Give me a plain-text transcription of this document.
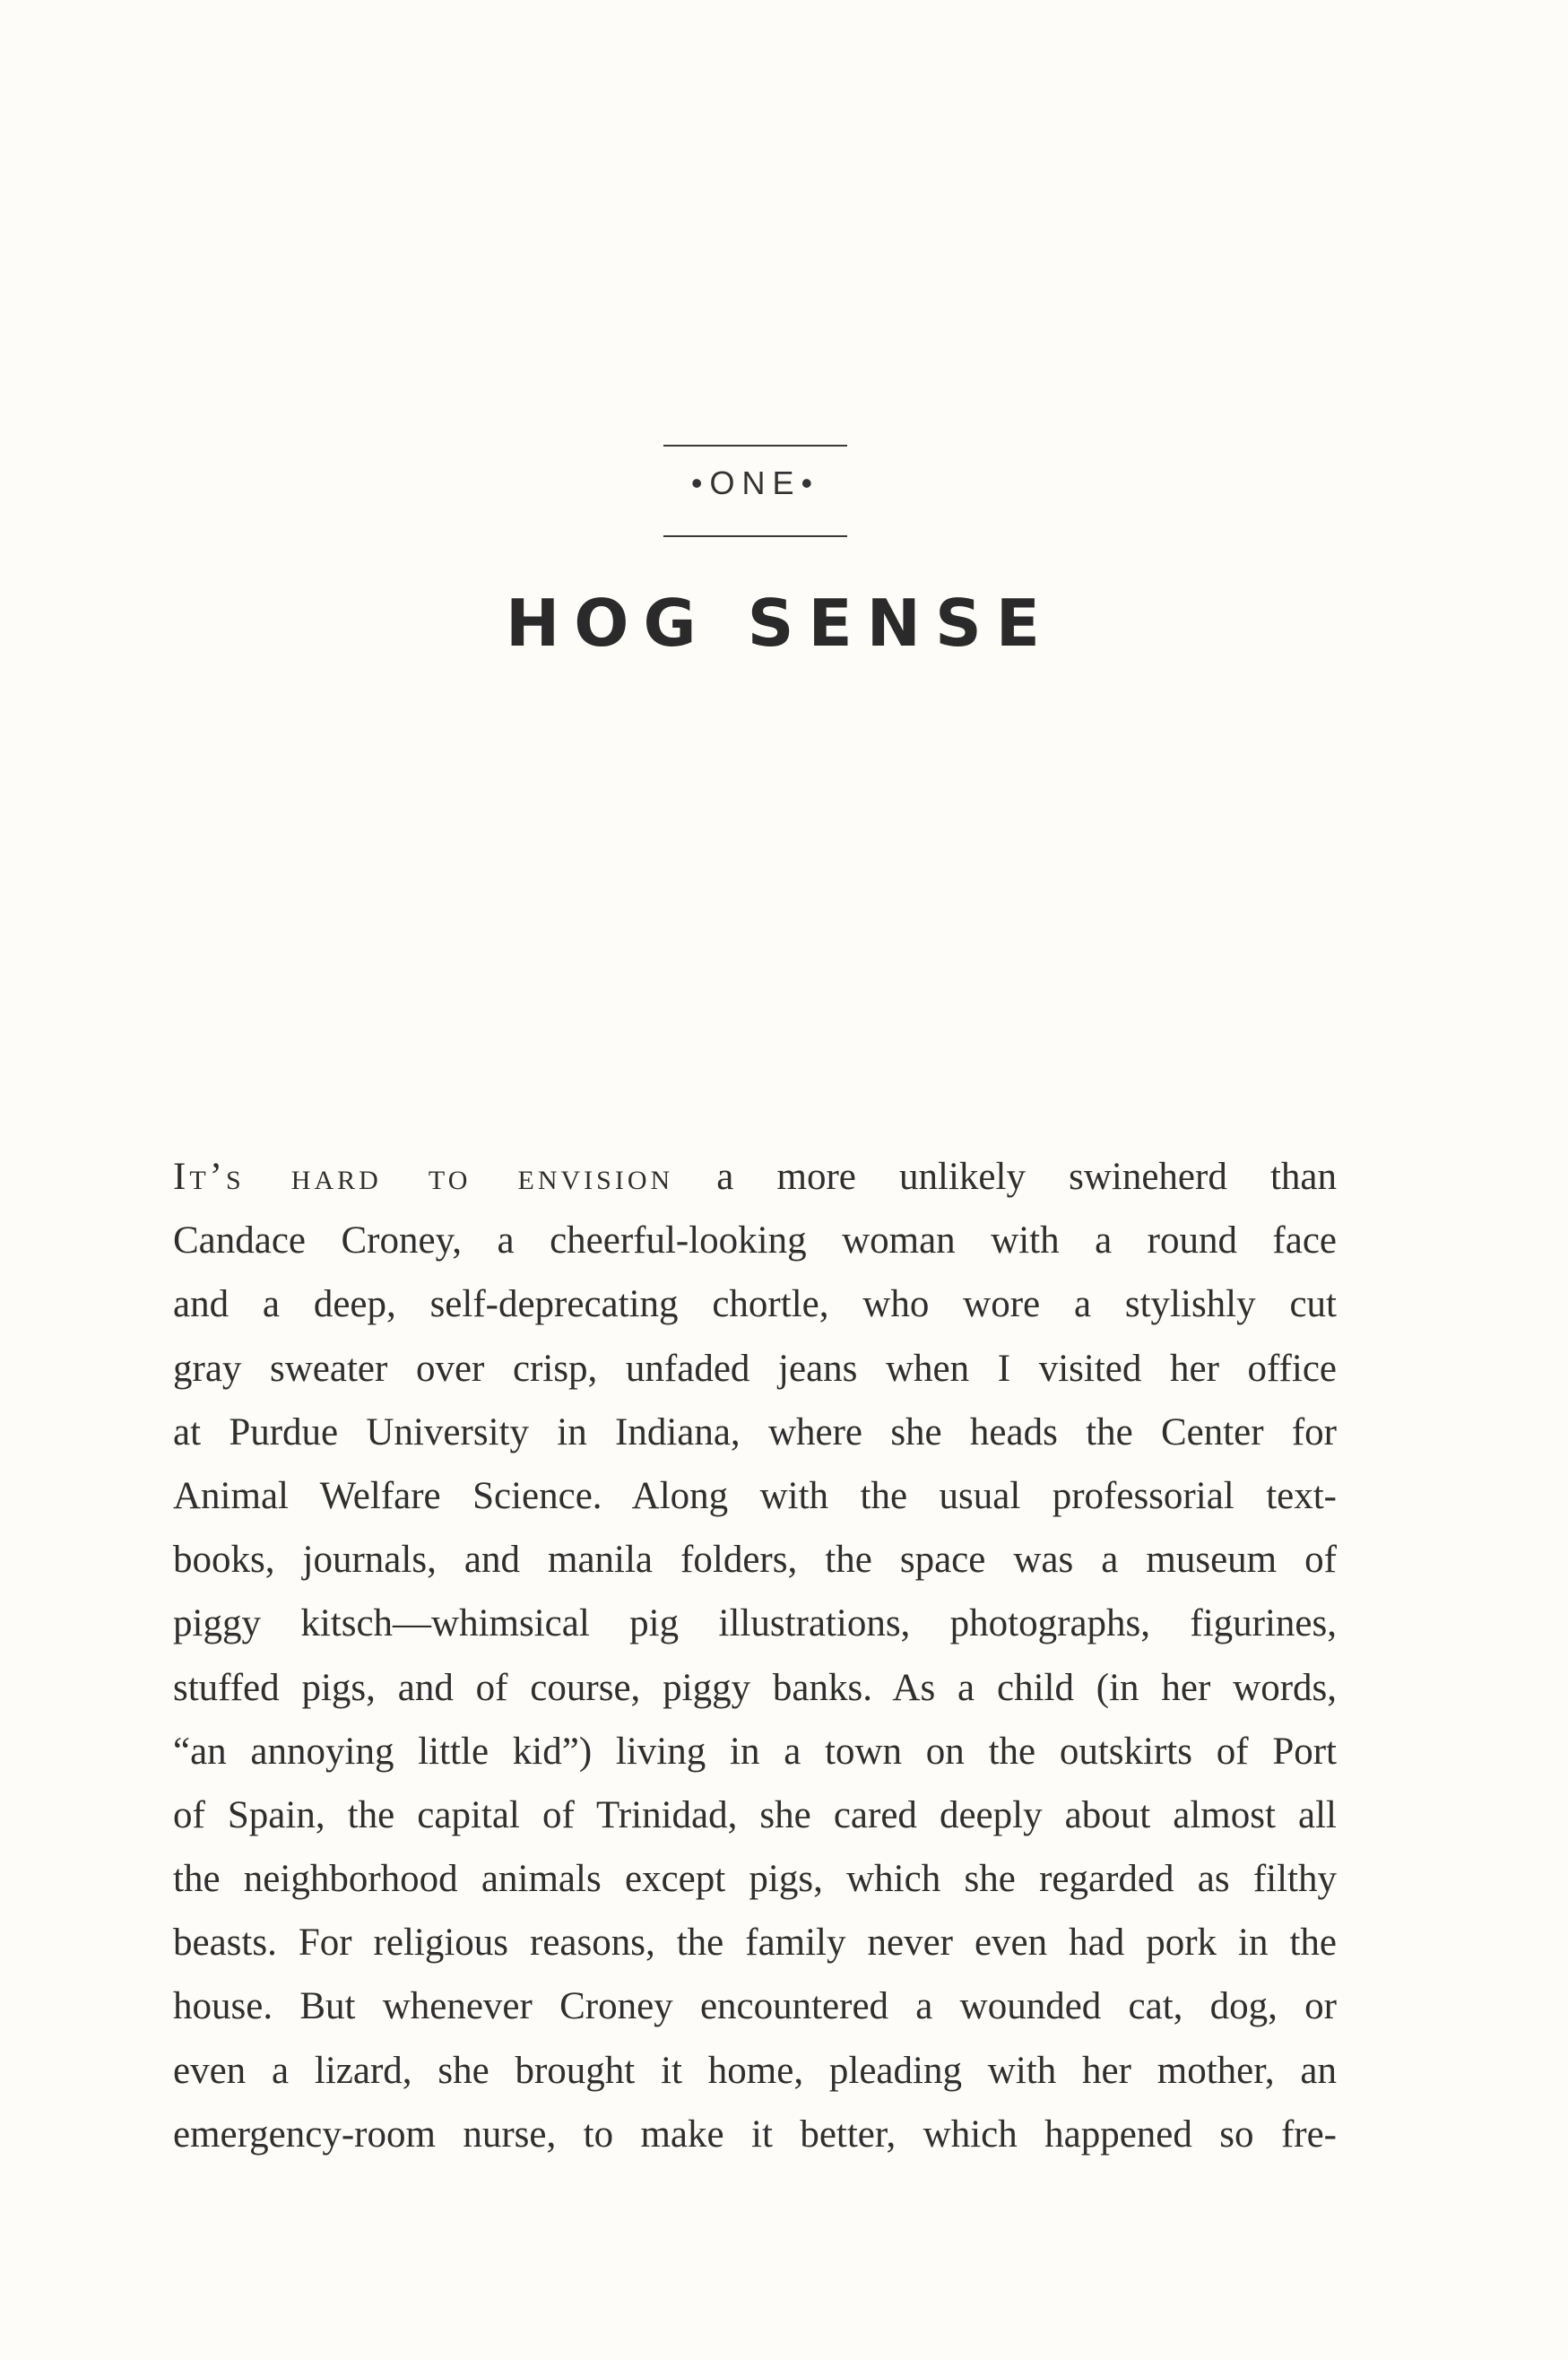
•ONE•
HOG SENSE
It’s hard to envision a more unlikely swineherd than
Candace Croney, a cheerful-looking woman with a round face
and a deep, self-deprecating chortle, who wore a stylishly cut
gray sweater over crisp, unfaded jeans when I visited her office
at Purdue University in Indiana, where she heads the Center for
Animal Welfare Science. Along with the usual professorial text-
books, journals, and manila folders, the space was a museum of
piggy kitsch—whimsical pig illustrations, photographs, figurines,
stuffed pigs, and of course, piggy banks. As a child (in her words,
“an annoying little kid”) living in a town on the outskirts of Port
of Spain, the capital of Trinidad, she cared deeply about almost all
the neighborhood animals except pigs, which she regarded as filthy
beasts. For religious reasons, the family never even had pork in the
house. But whenever Croney encountered a wounded cat, dog, or
even a lizard, she brought it home, pleading with her mother, an
emergency-room nurse, to make it better, which happened so fre-
